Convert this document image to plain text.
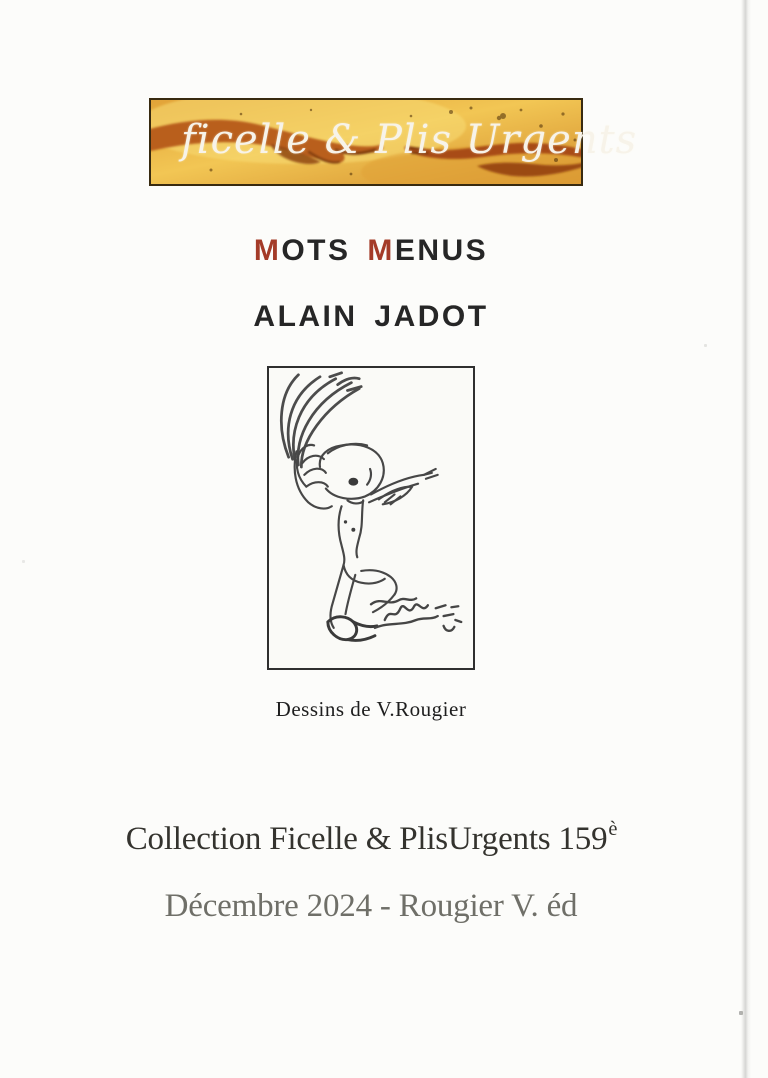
ficelle & Plis Urgents
MOTS MENUS
ALAIN JADOT
Dessins de V.Rougier
Collection Ficelle & PlisUrgents $159^è$
Décembre 2024 - Rougier V. éd
